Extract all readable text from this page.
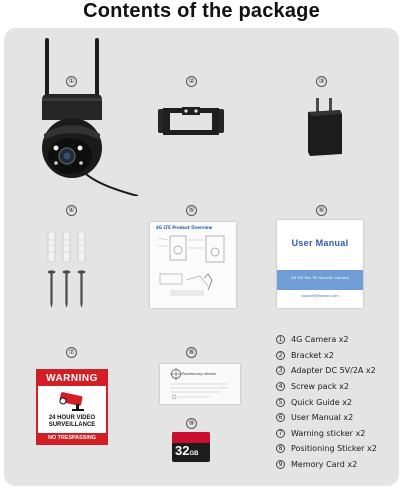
Contents of the package
①	②	③
④	⑤	⑥
⑦	⑧
⑨
4G LTE Product Overview
User Manual
4G LTE Pan Tilt Security Camera
support@domain.com
WARNING
24 HOUR VIDEO
SURVEILLANCE
NO TRESPASSING
Positioning sticker
32GB
1	4G Camera x2
2	Bracket x2
3	Adapter DC 5V/2A x2
4	Screw pack x2
5	Quick Guide x2
6	User Manual x2
7	Warning sticker x2
8	Positioning Sticker x2
9	Memory Card x2
